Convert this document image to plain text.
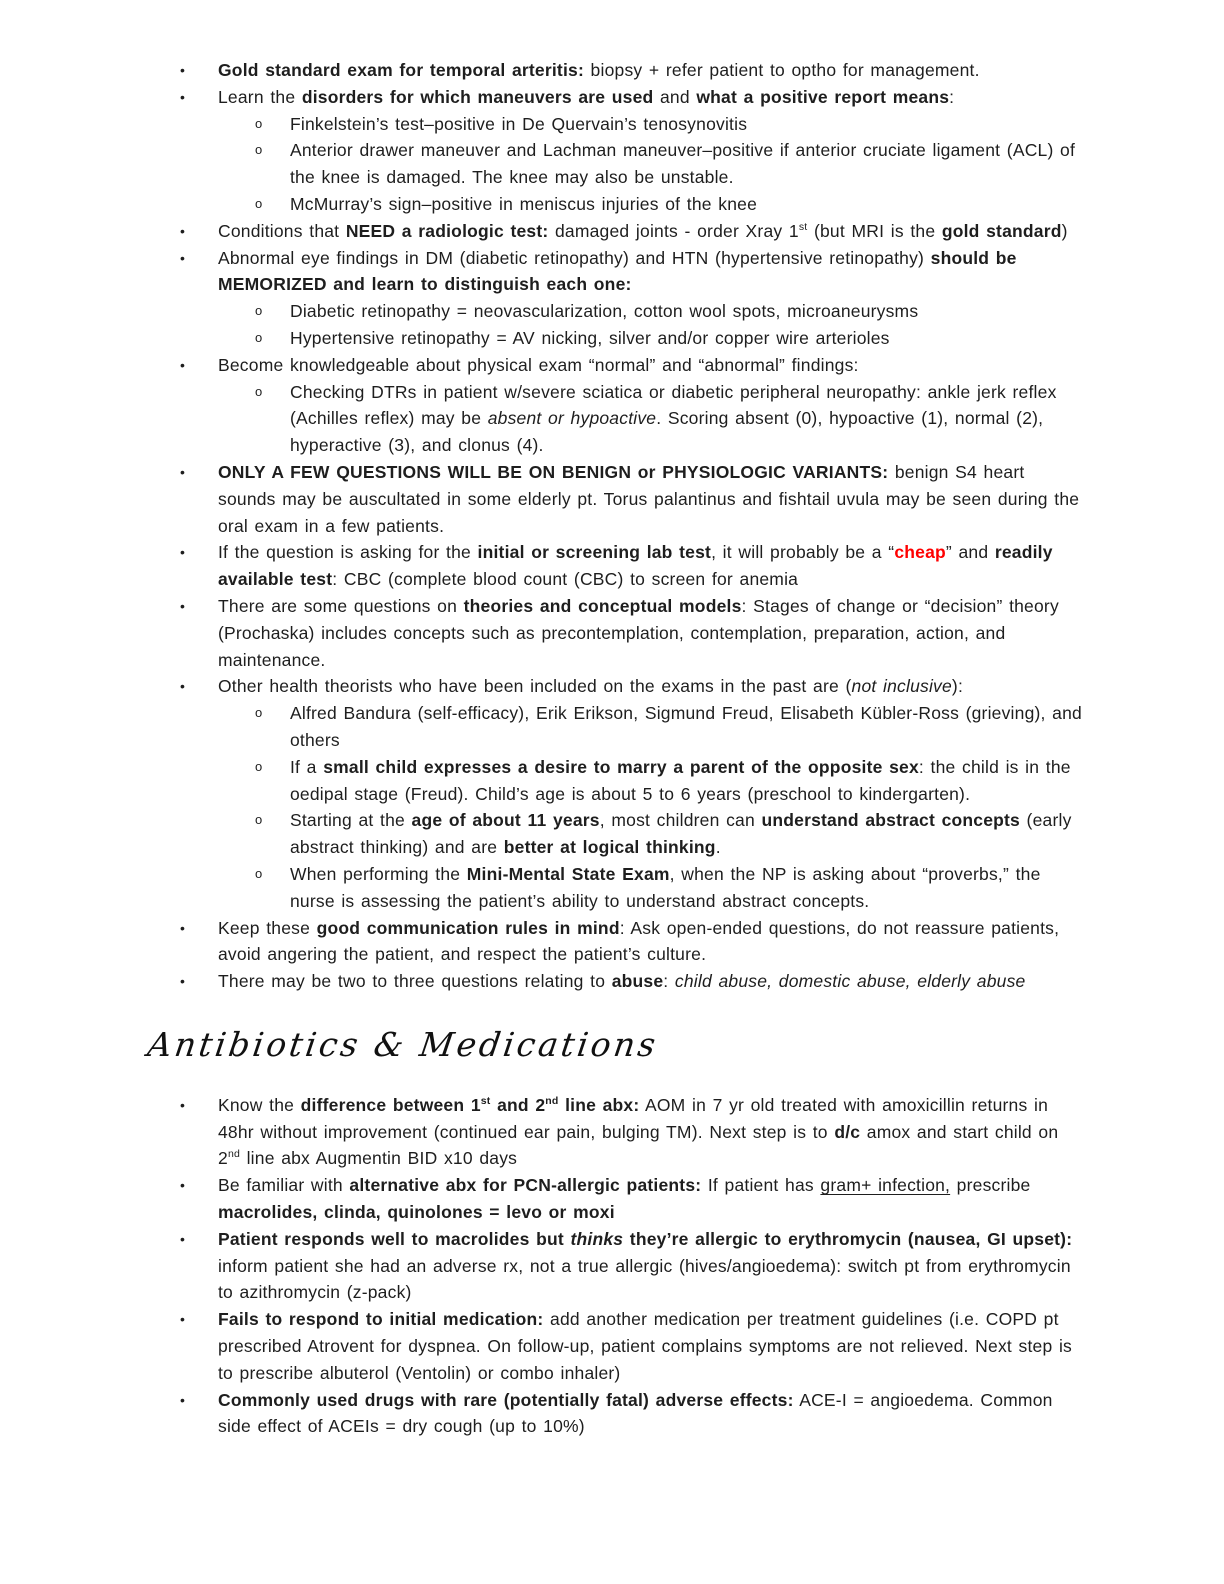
•	Gold standard exam for temporal arteritis: biopsy + refer patient to optho for management.
•	Learn the disorders for which maneuvers are used and what a positive report means:
o	Finkelstein’s test–positive in De Quervain’s tenosynovitis
o	Anterior drawer maneuver and Lachman maneuver–positive if anterior cruciate ligament (ACL) of the knee is damaged. The knee may also be unstable.
o	McMurray’s sign–positive in meniscus injuries of the knee
•	Conditions that NEED a radiologic test: damaged joints - order Xray 1st (but MRI is the gold standard)
•	Abnormal eye findings in DM (diabetic retinopathy) and HTN (hypertensive retinopathy) should be MEMORIZED and learn to distinguish each one:
o	Diabetic retinopathy = neovascularization, cotton wool spots, microaneurysms
o	Hypertensive retinopathy = AV nicking, silver and/or copper wire arterioles
•	Become knowledgeable about physical exam “normal” and “abnormal” findings:
o	Checking DTRs in patient w/severe sciatica or diabetic peripheral neuropathy: ankle jerk reflex (Achilles reflex) may be absent or hypoactive. Scoring absent (0), hypoactive (1), normal (2), hyperactive (3), and clonus (4).
•	ONLY A FEW QUESTIONS WILL BE ON BENIGN or PHYSIOLOGIC VARIANTS: benign S4 heart sounds may be auscultated in some elderly pt. Torus palantinus and fishtail uvula may be seen during the oral exam in a few patients.
•	If the question is asking for the initial or screening lab test, it will probably be a “cheap” and readily available test: CBC (complete blood count (CBC) to screen for anemia
•	There are some questions on theories and conceptual models: Stages of change or “decision” theory (Prochaska) includes concepts such as precontemplation, contemplation, preparation, action, and maintenance.
•	Other health theorists who have been included on the exams in the past are (not inclusive):
o	Alfred Bandura (self-efficacy), Erik Erikson, Sigmund Freud, Elisabeth Kübler-Ross (grieving), and others
o	If a small child expresses a desire to marry a parent of the opposite sex: the child is in the oedipal stage (Freud). Child’s age is about 5 to 6 years (preschool to kindergarten).
o	Starting at the age of about 11 years, most children can understand abstract concepts (early abstract thinking) and are better at logical thinking.
o	When performing the Mini-Mental State Exam, when the NP is asking about “proverbs,” the nurse is assessing the patient’s ability to understand abstract concepts.
•	Keep these good communication rules in mind: Ask open-ended questions, do not reassure patients, avoid angering the patient, and respect the patient’s culture.
•	There may be two to three questions relating to abuse: child abuse, domestic abuse, elderly abuse
Antibiotics & Medications
•	Know the difference between 1st and 2nd line abx: AOM in 7 yr old treated with amoxicillin returns in 48hr without improvement (continued ear pain, bulging TM). Next step is to d/c amox and start child on 2nd line abx Augmentin BID x10 days
•	Be familiar with alternative abx for PCN-allergic patients: If patient has gram+ infection, prescribe macrolides, clinda, quinolones = levo or moxi
•	Patient responds well to macrolides but thinks they’re allergic to erythromycin (nausea, GI upset): inform patient she had an adverse rx, not a true allergic (hives/angioedema): switch pt from erythromycin to azithromycin (z-pack)
•	Fails to respond to initial medication: add another medication per treatment guidelines (i.e. COPD pt prescribed Atrovent for dyspnea. On follow-up, patient complains symptoms are not relieved. Next step is to prescribe albuterol (Ventolin) or combo inhaler)
•	Commonly used drugs with rare (potentially fatal) adverse effects: ACE-I = angioedema. Common side effect of ACEIs = dry cough (up to 10%)
